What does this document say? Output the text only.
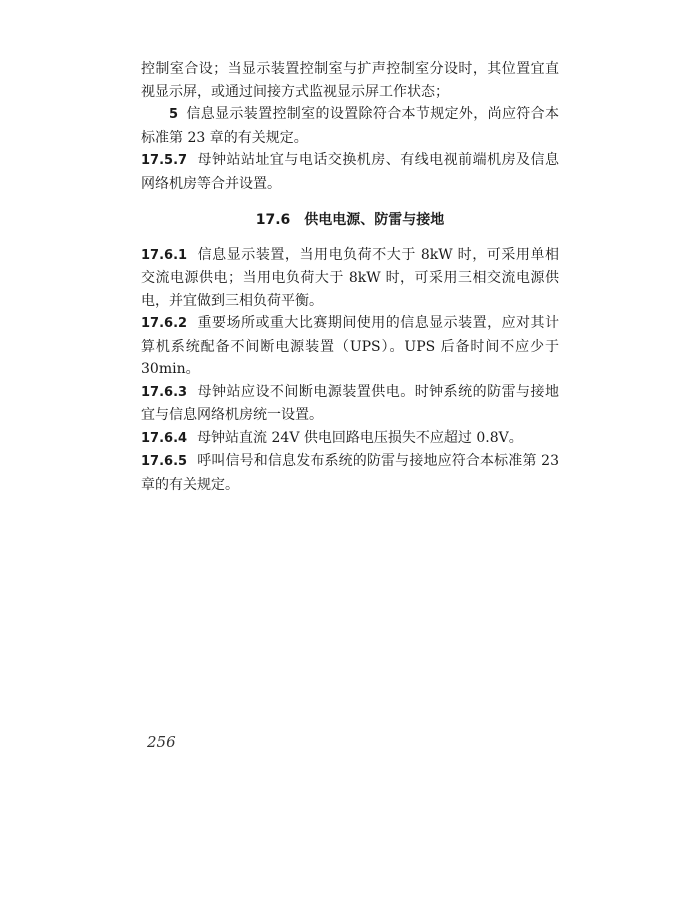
控制室合设；当显示装置控制室与扩声控制室分设时，其位置宜直视显示屏，或通过间接方式监视显示屏工作状态；

5 信息显示装置控制室的设置除符合本节规定外，尚应符合本标准第 23 章的有关规定。

17.5.7 母钟站站址宜与电话交换机房、有线电视前端机房及信息网络机房等合并设置。

17.6 供电电源、防雷与接地

17.6.1 信息显示装置，当用电负荷不大于 8kW 时，可采用单相交流电源供电；当用电负荷大于 8kW 时，可采用三相交流电源供电，并宜做到三相负荷平衡。

17.6.2 重要场所或重大比赛期间使用的信息显示装置，应对其计算机系统配备不间断电源装置（UPS）。UPS 后备时间不应少于 30min。

17.6.3 母钟站应设不间断电源装置供电。时钟系统的防雷与接地宜与信息网络机房统一设置。

17.6.4 母钟站直流 24V 供电回路电压损失不应超过 0.8V。

17.6.5 呼叫信号和信息发布系统的防雷与接地应符合本标准第 23 章的有关规定。

256
